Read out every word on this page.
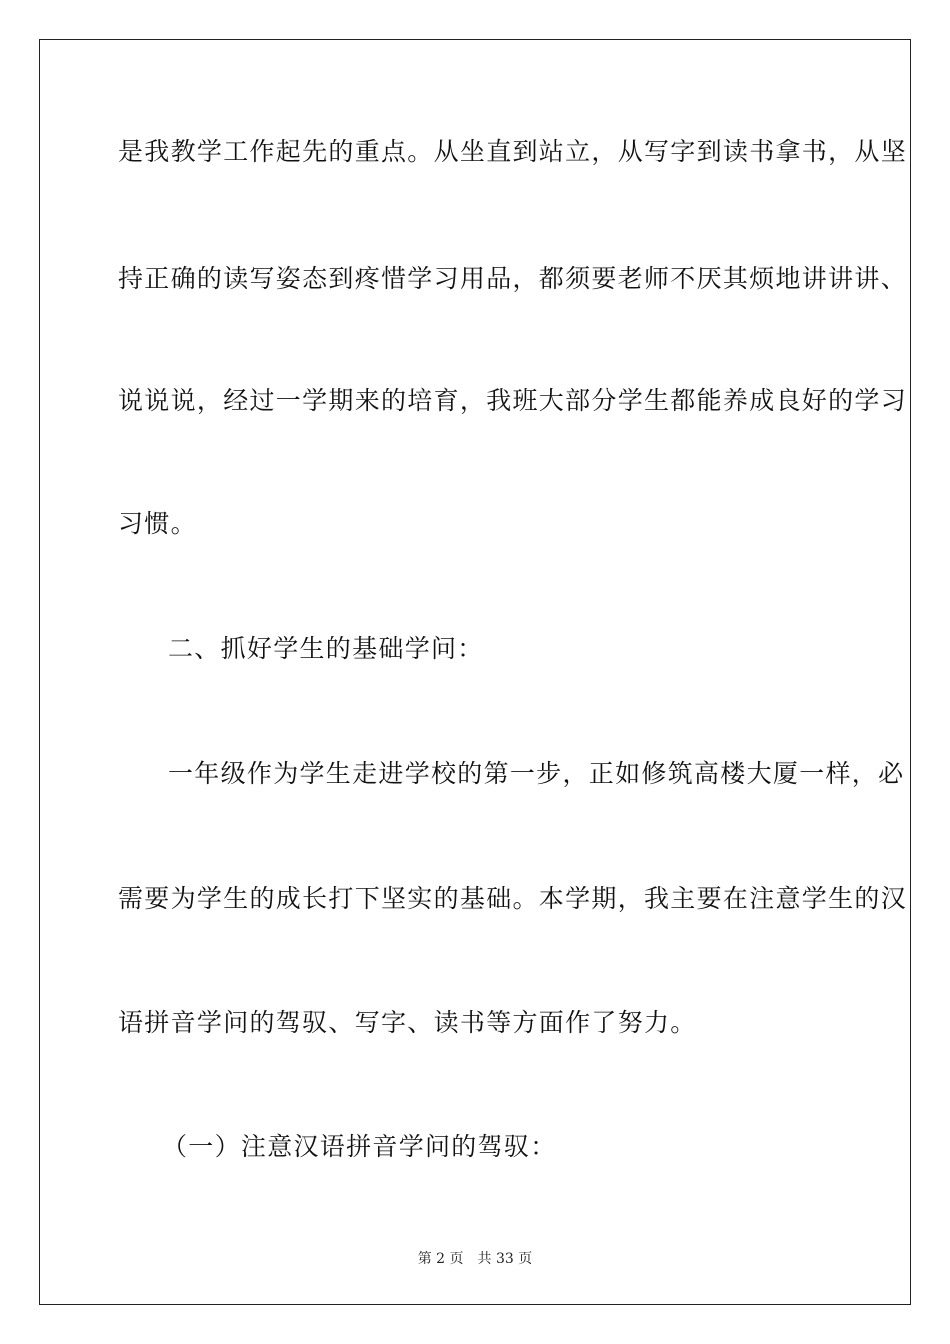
是我教学工作起先的重点。从坐直到站立，从写字到读书拿书，从坚
持正确的读写姿态到疼惜学习用品，都须要老师不厌其烦地讲讲讲、
说说说，经过一学期来的培育，我班大部分学生都能养成良好的学习
习惯。
二、抓好学生的基础学问：
一年级作为学生走进学校的第一步，正如修筑高楼大厦一样，必
需要为学生的成长打下坚实的基础。本学期，我主要在注意学生的汉
语拼音学问的驾驭、写字、读书等方面作了努力。
（一）注意汉语拼音学问的驾驭：
第 2 页 共 33 页
